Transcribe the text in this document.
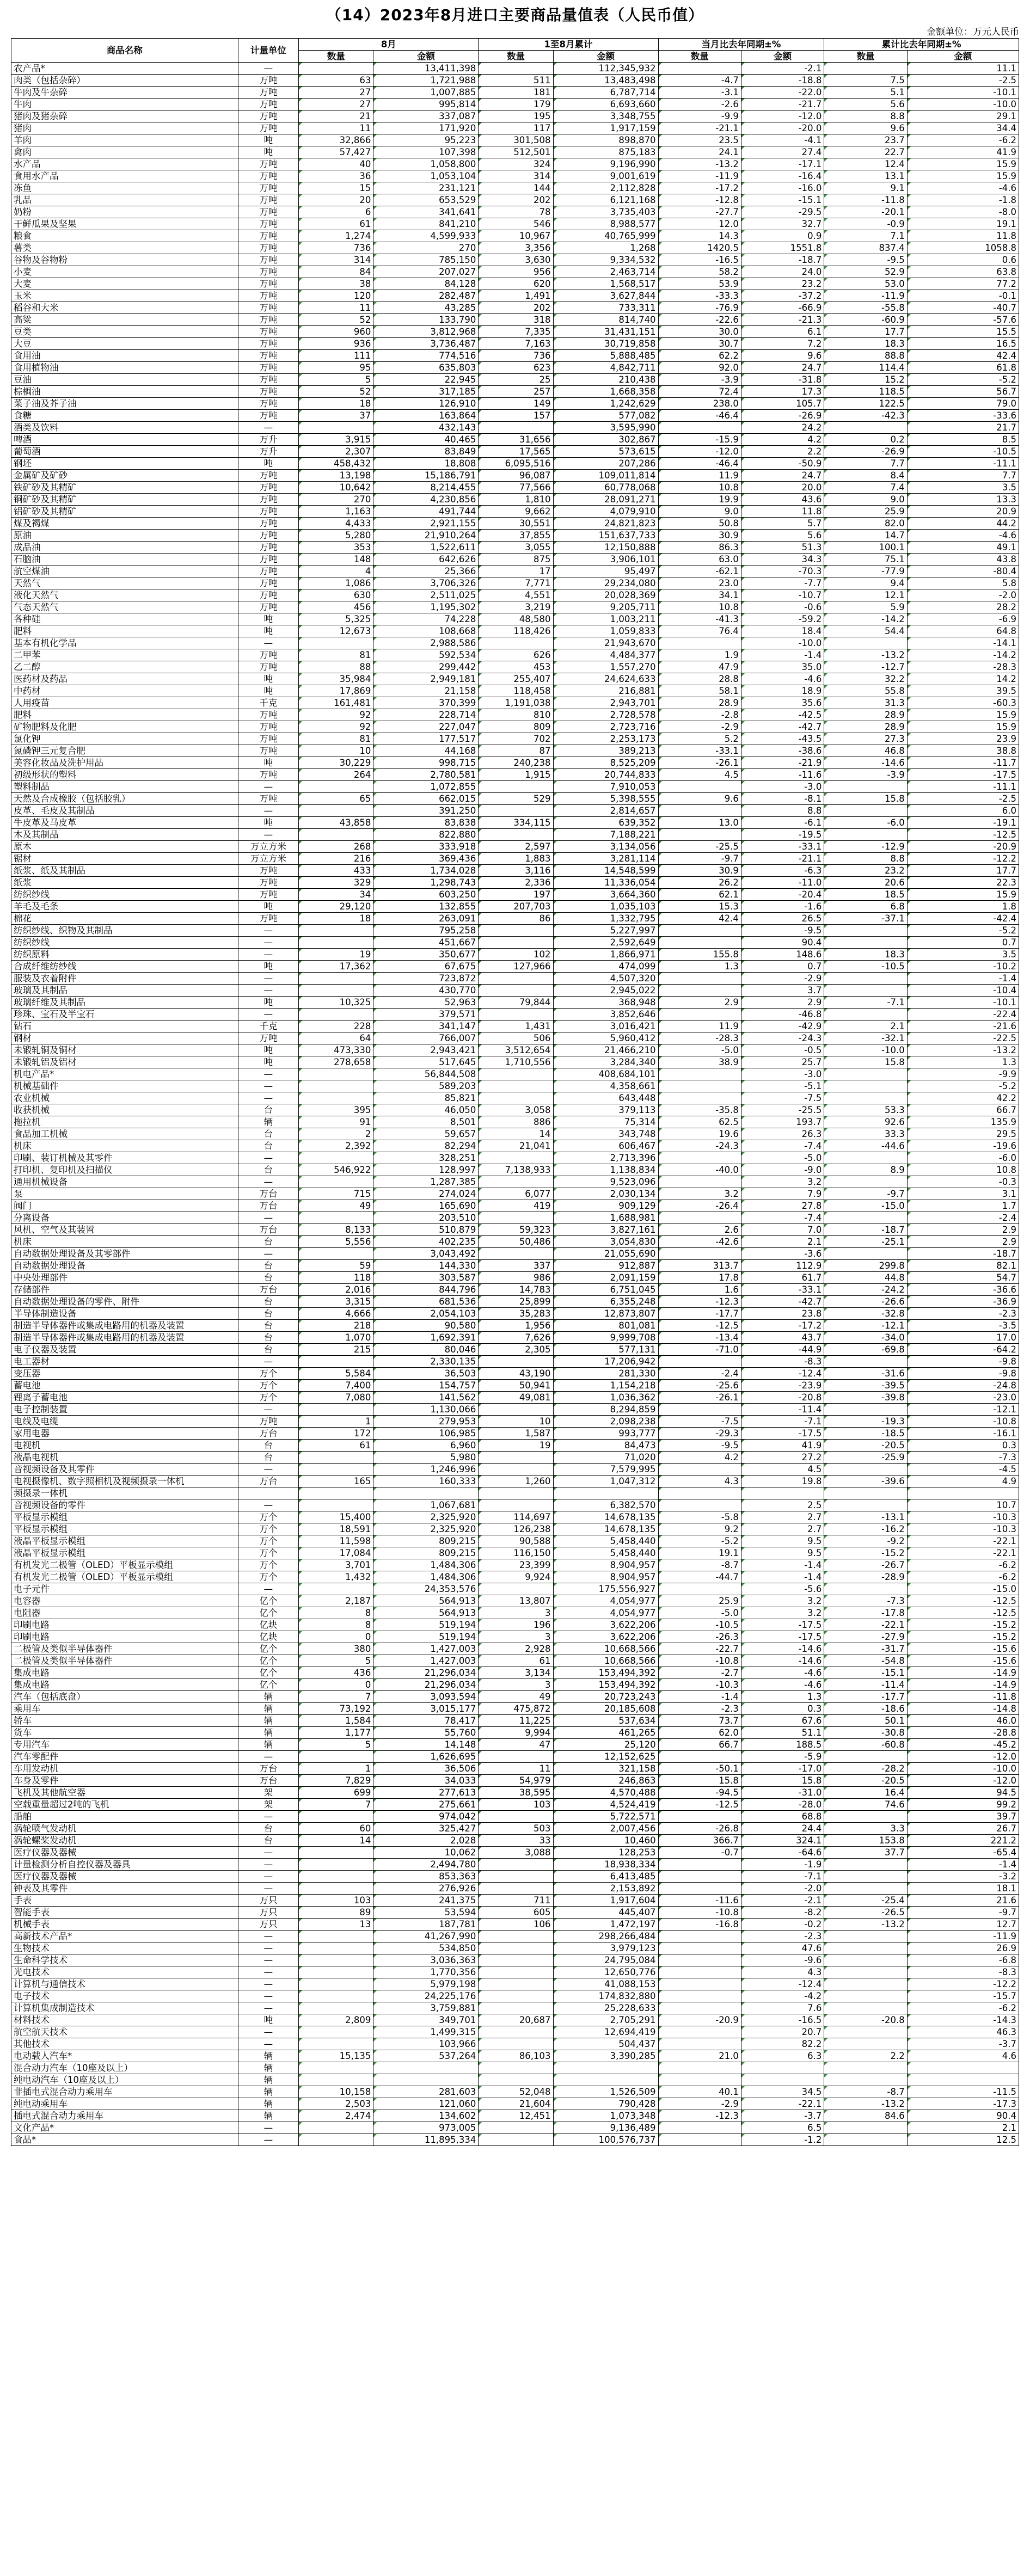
（14）2023年8月进口主要商品量值表（人民币值）
金额单位：万元人民币
商品名称	计量单位	8月		1至8月累计		当月比去年同期±%		累计比去年同期±%	
		数量	金额	数量	金额	数量	金额	数量	金额
农产品*	—		13,411,398		112,345,932		-2.1		11.1
肉类（包括杂碎）	万吨	63	1,721,988	511	13,483,498	-4.7	-18.8	7.5	-2.5
牛肉及牛杂碎	万吨	27	1,007,885	181	6,787,714	-3.1	-22.0	5.1	-10.1
牛肉	万吨	27	995,814	179	6,693,660	-2.6	-21.7	5.6	-10.0
猪肉及猪杂碎	万吨	21	337,087	195	3,348,755	-9.9	-12.0	8.8	29.1
猪肉	万吨	11	171,920	117	1,917,159	-21.1	-20.0	9.6	34.4
羊肉	吨	32,866	95,223	301,508	898,870	23.5	-4.1	23.7	-6.2
禽肉	吨	57,427	107,398	512,501	875,183	24.1	27.4	22.7	41.9
水产品	万吨	40	1,058,800	324	9,196,990	-13.2	-17.1	12.4	15.9
食用水产品	万吨	36	1,053,104	314	9,001,619	-11.9	-16.4	13.1	15.9
冻鱼	万吨	15	231,121	144	2,112,828	-17.2	-16.0	9.1	-4.6
乳品	万吨	20	653,529	202	6,121,168	-12.8	-15.1	-11.8	-1.8
奶粉	万吨	6	341,641	78	3,735,403	-27.7	-29.5	-20.1	-8.0
干鲜瓜果及坚果	万吨	61	841,210	546	8,988,577	12.0	32.7	-0.9	19.1
粮食	万吨	1,274	4,599,933	10,967	40,765,999	14.3	0.9	7.1	11.8
薯类	万吨	736	270	3,356	1,268	1420.5	1551.8	837.4	1058.8
谷物及谷物粉	万吨	314	785,150	3,630	9,334,532	-16.5	-18.7	-9.5	0.6
小麦	万吨	84	207,027	956	2,463,714	58.2	24.0	52.9	63.8
大麦	万吨	38	84,128	620	1,568,517	53.9	23.2	53.0	77.2
玉米	万吨	120	282,487	1,491	3,627,844	-33.3	-37.2	-11.9	-0.1
稻谷和大米	万吨	11	43,285	202	733,311	-76.9	-66.9	-55.8	-40.7
高粱	万吨	52	133,790	318	814,740	-22.6	-21.3	-60.9	-57.6
豆类	万吨	960	3,812,968	7,335	31,431,151	30.0	6.1	17.7	15.5
大豆	万吨	936	3,736,487	7,163	30,719,858	30.7	7.2	18.3	16.5
食用油	万吨	111	774,516	736	5,888,485	62.2	9.6	88.8	42.4
食用植物油	万吨	95	635,803	623	4,842,711	92.0	24.7	114.4	61.8
豆油	万吨	5	22,945	25	210,438	-3.9	-31.8	15.2	-5.2
棕榈油	万吨	52	317,185	257	1,668,358	72.4	17.3	118.5	56.7
菜子油及芥子油	万吨	18	126,910	149	1,242,629	238.0	105.7	122.5	79.0
食糖	万吨	37	163,864	157	577,082	-46.4	-26.9	-42.3	-33.6
酒类及饮料	—		432,143		3,595,990		24.2		21.7
啤酒	万升	3,915	40,465	31,656	302,867	-15.9	4.2	0.2	8.5
葡萄酒	万升	2,307	83,849	17,565	573,615	-12.0	2.2	-26.9	-10.5
钢坯	吨	458,432	18,808	6,095,516	207,286	-46.4	-50.9	7.7	-11.1
金属矿及矿砂	万吨	13,198	15,186,791	96,087	109,011,814	11.9	24.7	8.4	7.7
铁矿砂及其精矿	万吨	10,642	8,214,455	77,566	60,778,068	10.8	20.0	7.4	3.5
铜矿砂及其精矿	万吨	270	4,230,856	1,810	28,091,271	19.9	43.6	9.0	13.3
铝矿砂及其精矿	万吨	1,163	491,744	9,662	4,079,910	9.0	11.8	25.9	20.9
煤及褐煤	万吨	4,433	2,921,155	30,551	24,821,823	50.8	5.7	82.0	44.2
原油	万吨	5,280	21,910,264	37,855	151,637,733	30.9	5.6	14.7	-4.6
成品油	万吨	353	1,522,611	3,055	12,150,888	86.3	51.3	100.1	49.1
石脑油	万吨	148	642,626	875	3,906,101	63.0	34.3	75.1	43.8
航空煤油	万吨	4	25,366	17	95,497	-62.1	-70.3	-77.9	-80.4
天然气	万吨	1,086	3,706,326	7,771	29,234,080	23.0	-7.7	9.4	5.8
液化天然气	万吨	630	2,511,025	4,551	20,028,369	34.1	-10.7	12.1	-2.0
气态天然气	万吨	456	1,195,302	3,219	9,205,711	10.8	-0.6	5.9	28.2
各种硅	吨	5,325	74,228	48,580	1,003,211	-41.3	-59.2	-14.2	-6.9
肥料	吨	12,673	108,668	118,426	1,059,833	76.4	18.4	54.4	64.8
基本有机化学品	—		2,988,586		21,943,670		-10.0		-14.1
二甲苯	万吨	81	592,534	626	4,484,377	1.9	-1.4	-13.2	-14.2
乙二醇	万吨	88	299,442	453	1,557,270	47.9	35.0	-12.7	-28.3
医药材及药品	吨	35,984	2,949,181	255,407	24,624,633	28.8	-4.6	32.2	14.2
中药材	吨	17,869	21,158	118,458	216,881	58.1	18.9	55.8	39.5
人用疫苗	千克	161,481	370,399	1,191,038	2,943,701	28.9	35.6	31.3	-60.3
肥料	万吨	92	228,714	810	2,728,578	-2.8	-42.5	28.9	15.9
矿物肥料及化肥	万吨	92	227,047	809	2,723,716	-2.9	-42.7	28.9	15.9
氯化钾	万吨	81	177,517	702	2,253,173	5.2	-43.5	27.3	23.9
氮磷钾三元复合肥	万吨	10	44,168	87	389,213	-33.1	-38.6	46.8	38.8
美容化妆品及洗护用品	吨	30,229	998,715	240,238	8,525,209	-26.1	-21.9	-14.6	-11.7
初级形状的塑料	万吨	264	2,780,581	1,915	20,744,833	4.5	-11.6	-3.9	-17.5
塑料制品	—		1,072,855		7,910,053		-3.0		-11.1
天然及合成橡胶（包括胶乳）	万吨	65	662,015	529	5,398,555	9.6	-8.1	15.8	-2.5
皮革、毛皮及其制品	—		391,250		2,814,657		8.8		6.0
牛皮革及马皮革	吨	43,858	83,838	334,115	639,352	13.0	-6.1	-6.0	-19.1
木及其制品	—		822,880		7,188,221		-19.5		-12.5
原木	万立方米	268	333,918	2,597	3,134,056	-25.5	-33.1	-12.9	-20.9
锯材	万立方米	216	369,436	1,883	3,281,114	-9.7	-21.1	8.8	-12.2
纸浆、纸及其制品	万吨	433	1,734,028	3,116	14,548,599	30.9	-6.3	23.2	17.7
纸浆	万吨	329	1,298,743	2,336	11,336,054	26.2	-11.0	20.6	22.3
纺织纱线	万吨	34	603,250	197	3,664,360	62.1	-20.4	18.5	15.9
羊毛及毛条	吨	29,120	132,855	207,703	1,035,103	15.3	-1.6	6.8	1.8
棉花	万吨	18	263,091	86	1,332,795	42.4	26.5	-37.1	-42.4
纺织纱线、织物及其制品	—		795,258		5,227,997		-9.5		-5.2
纺织纱线	—		451,667		2,592,649		90.4		0.7
纺织原料	—	19	350,677	102	1,866,971	155.8	148.6	18.3	3.5
合成纤维纺纱线	吨	17,362	67,675	127,966	474,099	1.3	0.7	-10.5	-10.2
服装及衣着附件	—		723,872		4,507,320		-2.9		-1.4
玻璃及其制品	—		430,770		2,945,022		3.7		-10.4
玻璃纤维及其制品	吨	10,325	52,963	79,844	368,948	2.9	2.9	-7.1	-10.1
珍珠、宝石及半宝石	—		379,571		3,852,646		-46.8		-22.4
钻石	千克	228	341,147	1,431	3,016,421	11.9	-42.9	2.1	-21.6
钢材	万吨	64	766,007	506	5,960,412	-28.3	-24.3	-32.1	-22.5
未锻轧铜及铜材	吨	473,330	2,943,421	3,512,654	21,466,210	-5.0	-0.5	-10.0	-13.2
未锻轧铝及铝材	吨	278,658	517,645	1,710,556	3,284,340	38.9	25.7	15.8	1.3
机电产品*	—		56,844,508		408,684,101		-3.0		-9.9
机械基础件	—		589,203		4,358,661		-5.1		-5.2
农业机械	—		85,821		643,448		-7.5		42.2
收获机械	台	395	46,050	3,058	379,113	-35.8	-25.5	53.3	66.7
拖拉机	辆	91	8,501	886	75,314	62.5	193.7	92.6	135.9
食品加工机械	台	2	59,657	14	343,748	19.6	26.3	33.3	29.5
机床	台	2,392	82,294	21,041	606,467	-24.3	-7.4	-44.6	-19.6
印刷、装订机械及其零件	—		328,251		2,713,396		-5.0		-6.0
打印机、复印机及扫描仪	台	546,922	128,997	7,138,933	1,138,834	-40.0	-9.0	8.9	10.8
通用机械设备	—		1,287,385		9,523,096		3.2		-0.3
泵	万台	715	274,024	6,077	2,030,134	3.2	7.9	-9.7	3.1
阀门	万台	49	165,690	419	909,129	-26.4	27.8	-15.0	1.7
分离设备	—		203,510		1,688,981		-7.4		-2.4
风机、空气及其装置	万台	8,133	510,879	59,323	3,827,161	2.6	7.0	-18.7	2.9
机床	台	5,556	402,235	50,486	3,054,830	-42.6	2.1	-25.1	2.9
自动数据处理设备及其零部件	—		3,043,492		21,055,690		-3.6		-18.7
自动数据处理设备	台	59	144,330	337	912,887	313.7	112.9	299.8	82.1
中央处理部件	台	118	303,587	986	2,091,159	17.8	61.7	44.8	54.7
存储部件	万台	2,016	844,796	14,783	6,751,045	1.6	-33.1	-24.2	-36.6
自动数据处理设备的零件、附件	台	3,315	681,536	25,899	6,355,248	-12.3	-42.7	-26.6	-36.9
半导体制造设备	台	4,666	2,054,103	35,283	12,873,807	-17.7	23.8	-32.8	-2.3
制造半导体器件或集成电路用的机器及装置	台	218	90,580	1,956	801,081	-12.5	-17.2	-12.1	-3.5
制造半导体器件或集成电路用的机器及装置	台	1,070	1,692,391	7,626	9,999,708	-13.4	43.7	-34.0	17.0
电子仪器及装置	台	215	80,046	2,305	577,131	-71.0	-44.9	-69.8	-64.2
电工器材	—		2,330,135		17,206,942		-8.3		-9.8
变压器	万个	5,584	36,503	43,190	281,330	-2.4	-12.4	-31.6	-9.8
蓄电池	万个	7,400	154,757	50,941	1,154,218	-25.6	-23.9	-39.5	-24.8
锂离子蓄电池	万个	7,080	141,562	49,081	1,036,362	-26.1	-20.8	-39.8	-23.0
电子控制装置	—		1,130,066		8,294,859		-11.4		-12.1
电线及电缆	万吨	1	279,953	10	2,098,238	-7.5	-7.1	-19.3	-10.8
家用电器	万台	172	106,985	1,587	993,777	-29.3	-17.5	-18.5	-16.1
电视机	台	61	6,960	19	84,473	-9.5	41.9	-20.5	0.3
液晶电视机	台		5,980		71,020	4.2	27.2	-25.9	-7.3
音视频设备及其零件	—		1,246,996		7,579,995		4.5		-4.5
电视摄像机、数字照相机及视频摄录一体机	万台	165	160,333	1,260	1,047,312	4.3	19.8	-39.6	4.9
频摄录一体机									
音视频设备的零件	—		1,067,681		6,382,570		2.5		10.7
平板显示模组	万个	15,400	2,325,920	114,697	14,678,135	-5.8	2.7	-13.1	-10.3
平板显示模组	万个	18,591	2,325,920	126,238	14,678,135	9.2	2.7	-16.2	-10.3
液晶平板显示模组	万个	11,598	809,215	90,588	5,458,440	-5.2	9.5	-9.2	-22.1
液晶平板显示模组	万个	17,084	809,215	116,150	5,458,440	19.1	9.5	-15.2	-22.1
有机发光二极管（OLED）平板显示模组	万个	3,701	1,484,306	23,399	8,904,957	-8.7	-1.4	-26.7	-6.2
有机发光二极管（OLED）平板显示模组	万个	1,432	1,484,306	9,924	8,904,957	-44.7	-1.4	-28.9	-6.2
电子元件	—		24,353,576		175,556,927		-5.6		-15.0
电容器	亿个	2,187	564,913	13,807	4,054,977	25.9	3.2	-7.3	-12.5
电阻器	亿个	8	564,913	3	4,054,977	-5.0	3.2	-17.8	-12.5
印刷电路	亿块	8	519,194	196	3,622,206	-10.5	-17.5	-22.1	-15.2
印刷电路	亿块	0	519,194	3	3,622,206	-26.3	-17.5	-27.9	-15.2
二极管及类似半导体器件	亿个	380	1,427,003	2,928	10,668,566	-22.7	-14.6	-31.7	-15.6
二极管及类似半导体器件	亿个	5	1,427,003	61	10,668,566	-10.8	-14.6	-54.8	-15.6
集成电路	亿个	436	21,296,034	3,134	153,494,392	-2.7	-4.6	-15.1	-14.9
集成电路	亿个	0	21,296,034	3	153,494,392	-10.3	-4.6	-11.4	-14.9
汽车（包括底盘）	辆	7	3,093,594	49	20,723,243	-1.4	1.3	-17.7	-11.8
乘用车	辆	73,192	3,015,177	475,872	20,185,608	-2.3	0.3	-18.6	-14.8
轿车	辆	1,584	78,417	11,225	537,634	73.7	67.6	50.1	46.0
货车	辆	1,177	55,760	9,994	461,265	62.0	51.1	-30.8	-28.8
专用汽车	辆	5	14,148	47	25,120	66.7	188.5	-60.8	-45.2
汽车零配件	—		1,626,695		12,152,625		-5.9		-12.0
车用发动机	万台	1	36,506	11	321,158	-50.1	-17.0	-28.2	-10.0
车身及零件	万台	7,829	34,033	54,979	246,863	15.8	15.8	-20.5	-12.0
飞机及其他航空器	架	699	277,613	38,595	4,570,488	-94.5	-31.0	16.4	94.5
空载重量超过2吨的飞机	架	7	275,661	103	4,524,419	-12.5	-28.0	74.6	99.2
船舶	—		974,042		5,722,571		68.8		39.7
涡轮喷气发动机	台	60	325,427	503	2,007,456	-26.8	24.4	3.3	26.7
涡轮螺桨发动机	台	14	2,028	33	10,460	366.7	324.1	153.8	221.2
医疗仪器及器械	—		10,062	3,088	128,253	-0.7	-64.6	37.7	-65.4
计量检测分析自控仪器及器具	—		2,494,780		18,938,334		-1.9		-1.4
医疗仪器及器械	—		853,363		6,413,485		-7.1		-3.2
钟表及其零件	—		276,926		2,153,892		-2.0		18.1
手表	万只	103	241,375	711	1,917,604	-11.6	-2.1	-25.4	21.6
智能手表	万只	89	53,594	605	445,407	-10.8	-8.2	-26.5	-9.7
机械手表	万只	13	187,781	106	1,472,197	-16.8	-0.2	-13.2	12.7
高新技术产品*	—		41,267,990		298,266,484		-2.3		-11.9
生物技术	—		534,850		3,979,123		47.6		26.9
生命科学技术	—		3,036,363		24,795,084		-9.6		-6.8
光电技术	—		1,770,356		12,650,776		4.3		-8.3
计算机与通信技术	—		5,979,198		41,088,153		-12.4		-12.2
电子技术	—		24,225,176		174,832,880		-4.2		-15.7
计算机集成制造技术	—		3,759,881		25,228,633		7.6		-6.2
材料技术	吨	2,809	349,701	20,687	2,705,291	-20.9	-16.5	-20.8	-14.3
航空航天技术	—		1,499,315		12,694,419		20.7		46.3
其他技术	—		103,966		504,437		82.2		-3.7
电动载人汽车*	辆	15,135	537,264	86,103	3,390,285	21.0	6.3	2.2	4.6
混合动力汽车（10座及以上）	辆								
纯电动汽车（10座及以上）	辆								
非插电式混合动力乘用车	辆	10,158	281,603	52,048	1,526,509	40.1	34.5	-8.7	-11.5
纯电动乘用车	辆	2,503	121,060	21,604	790,428	-2.9	-22.1	-13.2	-17.3
插电式混合动力乘用车	辆	2,474	134,602	12,451	1,073,348	-12.3	-3.7	84.6	90.4
文化产品*	—		973,005		9,136,489		6.5		2.1
食品*	—		11,895,334		100,576,737		-1.2		12.5
